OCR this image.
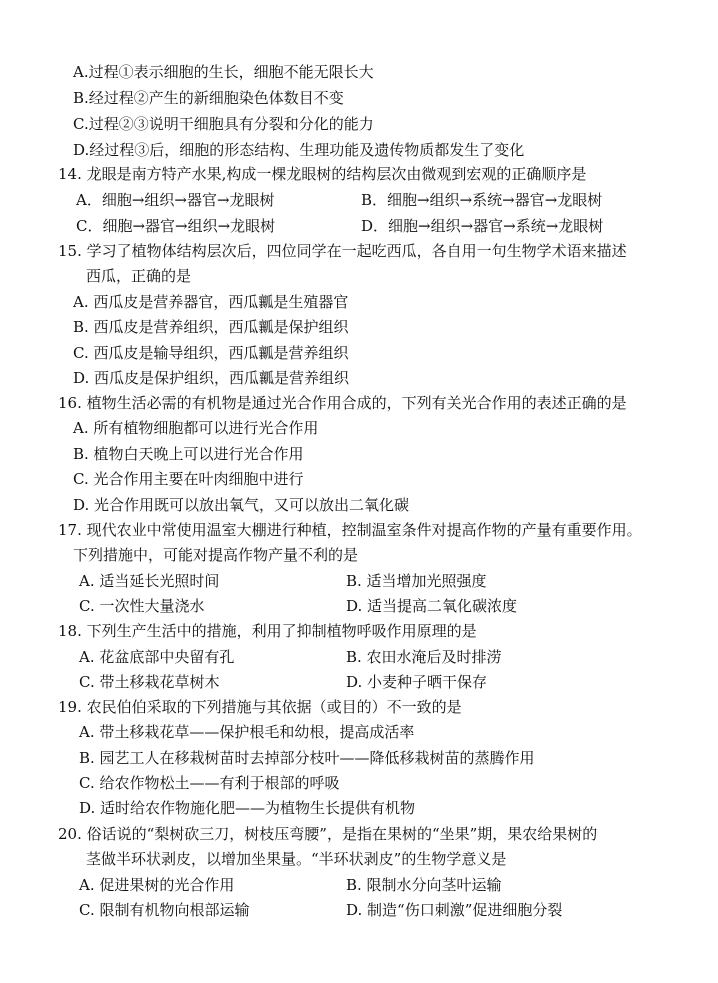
A.过程①表示细胞的生长，细胞不能无限长大
B.经过程②产生的新细胞染色体数目不变
C.过程②③说明干细胞具有分裂和分化的能力
D.经过程③后，细胞的形态结构、生理功能及遗传物质都发生了变化
14. 龙眼是南方特产水果,构成一棵龙眼树的结构层次由微观到宏观的正确顺序是
A．细胞→组织→器官→龙眼树	B．细胞→组织→系统→器官→龙眼树
C．细胞→器官→组织→龙眼树	D．细胞→组织→器官→系统→龙眼树
15. 学习了植物体结构层次后，四位同学在一起吃西瓜，各自用一句生物学术语来描述
西瓜，正确的是
A. 西瓜皮是营养器官，西瓜瓤是生殖器官
B. 西瓜皮是营养组织，西瓜瓤是保护组织
C. 西瓜皮是输导组织，西瓜瓤是营养组织
D. 西瓜皮是保护组织，西瓜瓤是营养组织
16. 植物生活必需的有机物是通过光合作用合成的，下列有关光合作用的表述正确的是
A. 所有植物细胞都可以进行光合作用
B. 植物白天晚上可以进行光合作用
C. 光合作用主要在叶肉细胞中进行
D. 光合作用既可以放出氧气，又可以放出二氧化碳
17. 现代农业中常使用温室大棚进行种植，控制温室条件对提高作物的产量有重要作用。
下列措施中，可能对提高作物产量不利的是
A. 适当延长光照时间	B. 适当增加光照强度
C. 一次性大量浇水	D. 适当提高二氧化碳浓度
18. 下列生产生活中的措施，利用了抑制植物呼吸作用原理的是
A. 花盆底部中央留有孔	B. 农田水淹后及时排涝
C. 带土移栽花草树木	D. 小麦种子晒干保存
19. 农民伯伯采取的下列措施与其依据（或目的）不一致的是
A. 带土移栽花草——保护根毛和幼根，提高成活率
B. 园艺工人在移栽树苗时去掉部分枝叶——降低移栽树苗的蒸腾作用
C. 给农作物松土——有利于根部的呼吸
D. 适时给农作物施化肥——为植物生长提供有机物
20. 俗话说的“梨树砍三刀，树枝压弯腰”，是指在果树的“坐果”期，果农给果树的
茎做半环状剥皮，以增加坐果量。“半环状剥皮”的生物学意义是
A. 促进果树的光合作用	B. 限制水分向茎叶运输
C. 限制有机物向根部运输	D. 制造“伤口刺激”促进细胞分裂
